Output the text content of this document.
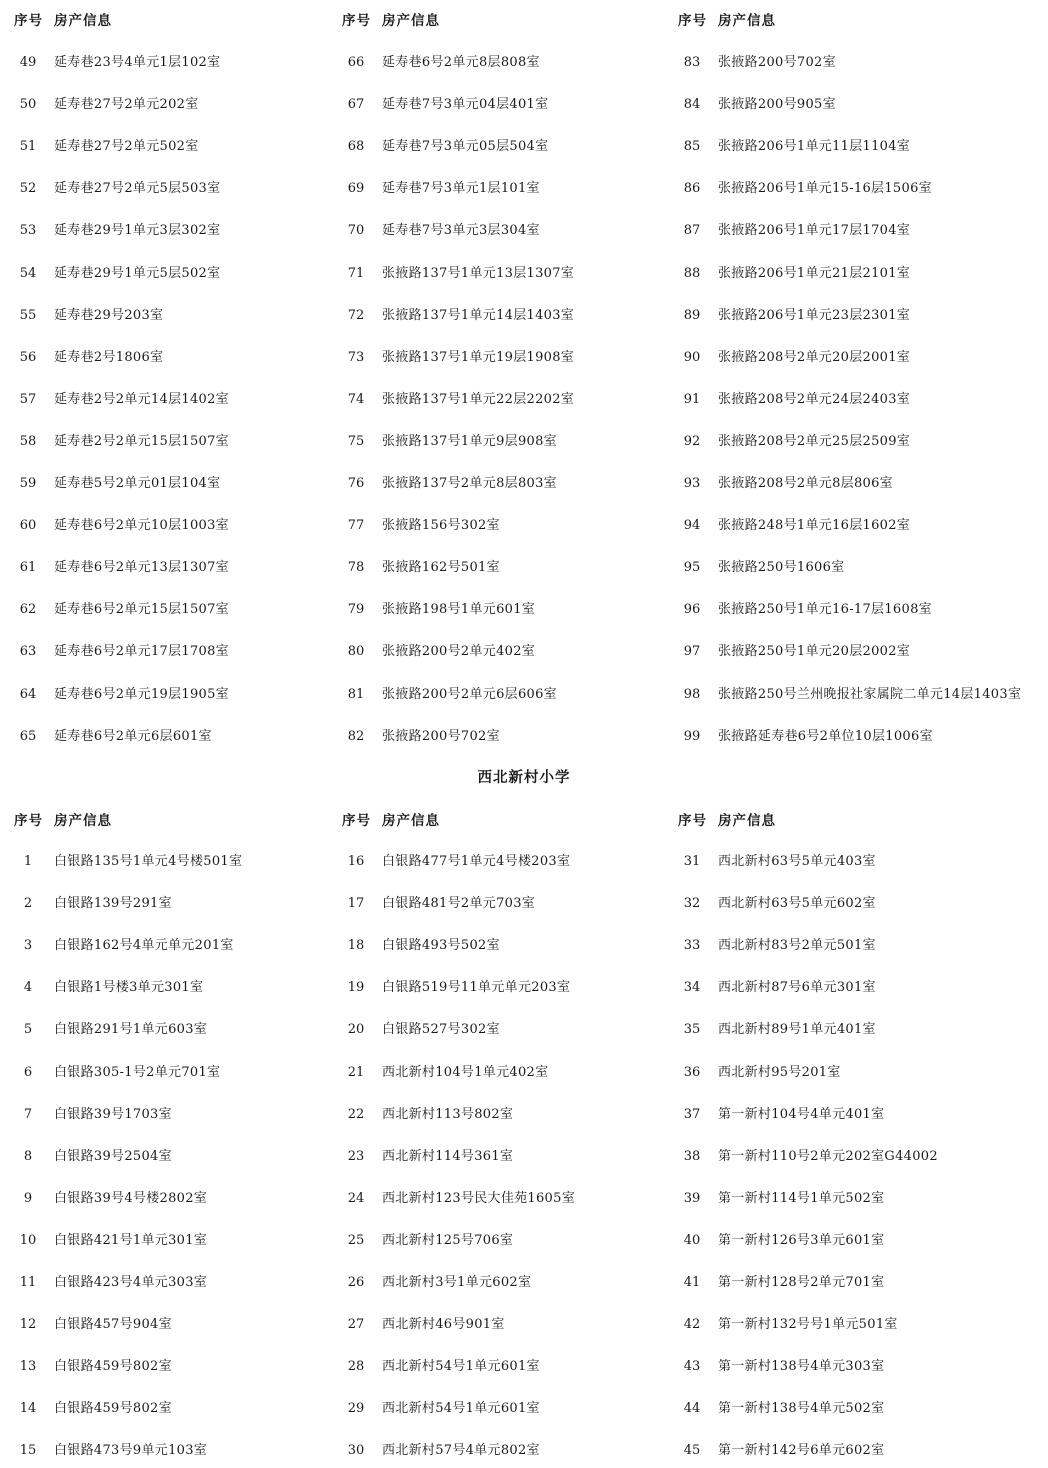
序号 房产信息
49	延寿巷23号4单元1层102室
50	延寿巷27号2单元202室
51	延寿巷27号2单元502室
52	延寿巷27号2单元5层503室
53	延寿巷29号1单元3层302室
54	延寿巷29号1单元5层502室
55	延寿巷29号203室
56	延寿巷2号1806室
57	延寿巷2号2单元14层1402室
58	延寿巷2号2单元15层1507室
59	延寿巷5号2单元01层104室
60	延寿巷6号2单元10层1003室
61	延寿巷6号2单元13层1307室
62	延寿巷6号2单元15层1507室
63	延寿巷6号2单元17层1708室
64	延寿巷6号2单元19层1905室
65	延寿巷6号2单元6层601室
序号 房产信息
66	延寿巷6号2单元8层808室
67	延寿巷7号3单元04层401室
68	延寿巷7号3单元05层504室
69	延寿巷7号3单元1层101室
70	延寿巷7号3单元3层304室
71	张掖路137号1单元13层1307室
72	张掖路137号1单元14层1403室
73	张掖路137号1单元19层1908室
74	张掖路137号1单元22层2202室
75	张掖路137号1单元9层908室
76	张掖路137号2单元8层803室
77	张掖路156号302室
78	张掖路162号501室
79	张掖路198号1单元601室
80	张掖路200号2单元402室
81	张掖路200号2单元6层606室
82	张掖路200号702室
序号 房产信息
83	张掖路200号702室
84	张掖路200号905室
85	张掖路206号1单元11层1104室
86	张掖路206号1单元15-16层1506室
87	张掖路206号1单元17层1704室
88	张掖路206号1单元21层2101室
89	张掖路206号1单元23层2301室
90	张掖路208号2单元20层2001室
91	张掖路208号2单元24层2403室
92	张掖路208号2单元25层2509室
93	张掖路208号2单元8层806室
94	张掖路248号1单元16层1602室
95	张掖路250号1606室
96	张掖路250号1单元16-17层1608室
97	张掖路250号1单元20层2002室
98	张掖路250号兰州晚报社家属院二单元14层1403室
99	张掖路延寿巷6号2单位10层1006室
西北新村小学
序号 房产信息
1	白银路135号1单元4号楼501室
2	白银路139号291室
3	白银路162号4单元单元201室
4	白银路1号楼3单元301室
5	白银路291号1单元603室
6	白银路305-1号2单元701室
7	白银路39号1703室
8	白银路39号2504室
9	白银路39号4号楼2802室
10	白银路421号1单元301室
11	白银路423号4单元303室
12	白银路457号904室
13	白银路459号802室
14	白银路459号802室
15	白银路473号9单元103室
序号 房产信息
16	白银路477号1单元4号楼203室
17	白银路481号2单元703室
18	白银路493号502室
19	白银路519号11单元单元203室
20	白银路527号302室
21	西北新村104号1单元402室
22	西北新村113号802室
23	西北新村114号361室
24	西北新村123号民大佳苑1605室
25	西北新村125号706室
26	西北新村3号1单元602室
27	西北新村46号901室
28	西北新村54号1单元601室
29	西北新村54号1单元601室
30	西北新村57号4单元802室
序号 房产信息
31	西北新村63号5单元403室
32	西北新村63号5单元602室
33	西北新村83号2单元501室
34	西北新村87号6单元301室
35	西北新村89号1单元401室
36	西北新村95号201室
37	第一新村104号4单元401室
38	第一新村110号2单元202室G44002
39	第一新村114号1单元502室
40	第一新村126号3单元601室
41	第一新村128号2单元701室
42	第一新村132号号1单元501室
43	第一新村138号4单元303室
44	第一新村138号4单元502室
45	第一新村142号6单元602室
